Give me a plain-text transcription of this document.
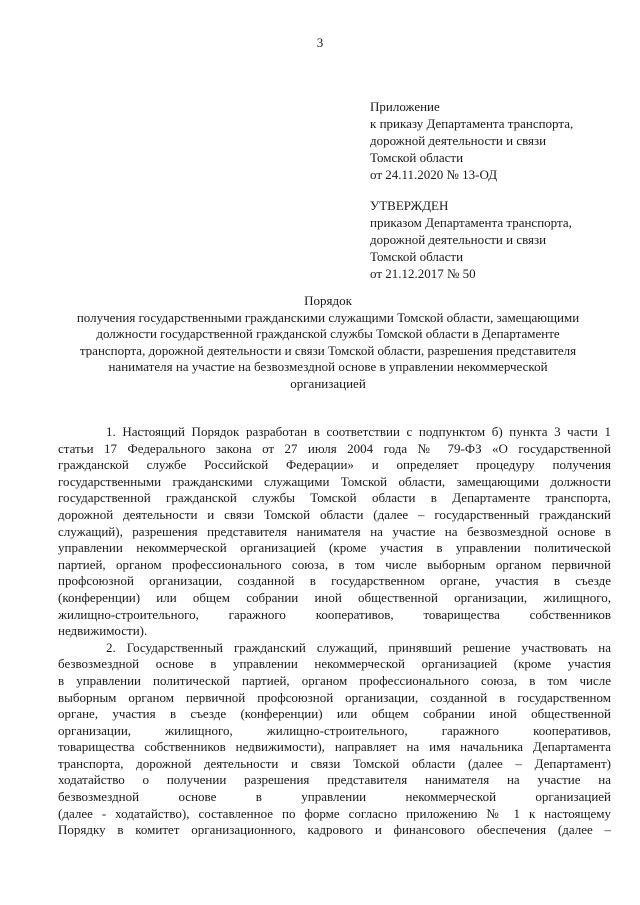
3
Приложение
к приказу Департамента транспорта,
дорожной деятельности и связи
Томской области
от 24.11.2020 № 13-ОД
УТВЕРЖДЕН
приказом Департамента транспорта,
дорожной деятельности и связи
Томской области
от 21.12.2017 № 50
Порядок
получения государственными гражданскими служащими Томской области, замещающими
должности государственной гражданской службы Томской области в Департаменте
транспорта, дорожной деятельности и связи Томской области, разрешения представителя
нанимателя на участие на безвозмездной основе в управлении некоммерческой
организацией
1. Настоящий Порядок разработан в соответствии с подпунктом б) пункта 3 части 1
статьи 17 Федерального закона от 27 июля 2004 года № 79-ФЗ «О государственной
гражданской службе Российской Федерации» и определяет процедуру получения
государственными гражданскими служащими Томской области, замещающими должности
государственной гражданской службы Томской области в Департаменте транспорта,
дорожной деятельности и связи Томской области (далее – государственный гражданский
служащий), разрешения представителя нанимателя на участие на безвозмездной основе в
управлении некоммерческой организацией (кроме участия в управлении политической
партией, органом профессионального союза, в том числе выборным органом первичной
профсоюзной организации, созданной в государственном органе, участия в съезде
(конференции) или общем собрании иной общественной организации, жилищного,
жилищно-строительного, гаражного кооперативов, товарищества собственников
недвижимости).
2. Государственный гражданский служащий, принявший решение участвовать на
безвозмездной основе в управлении некоммерческой организацией (кроме участия
в управлении политической партией, органом профессионального союза, в том числе
выборным органом первичной профсоюзной организации, созданной в государственном
органе, участия в съезде (конференции) или общем собрании иной общественной
организации, жилищного, жилищно-строительного, гаражного кооперативов,
товарищества собственников недвижимости), направляет на имя начальника Департамента
транспорта, дорожной деятельности и связи Томской области (далее – Департамент)
ходатайство о получении разрешения представителя нанимателя на участие на
безвозмездной основе в управлении некоммерческой организацией
(далее - ходатайство), составленное по форме согласно приложению № 1 к настоящему
Порядку в комитет организационного, кадрового и финансового обеспечения (далее –
